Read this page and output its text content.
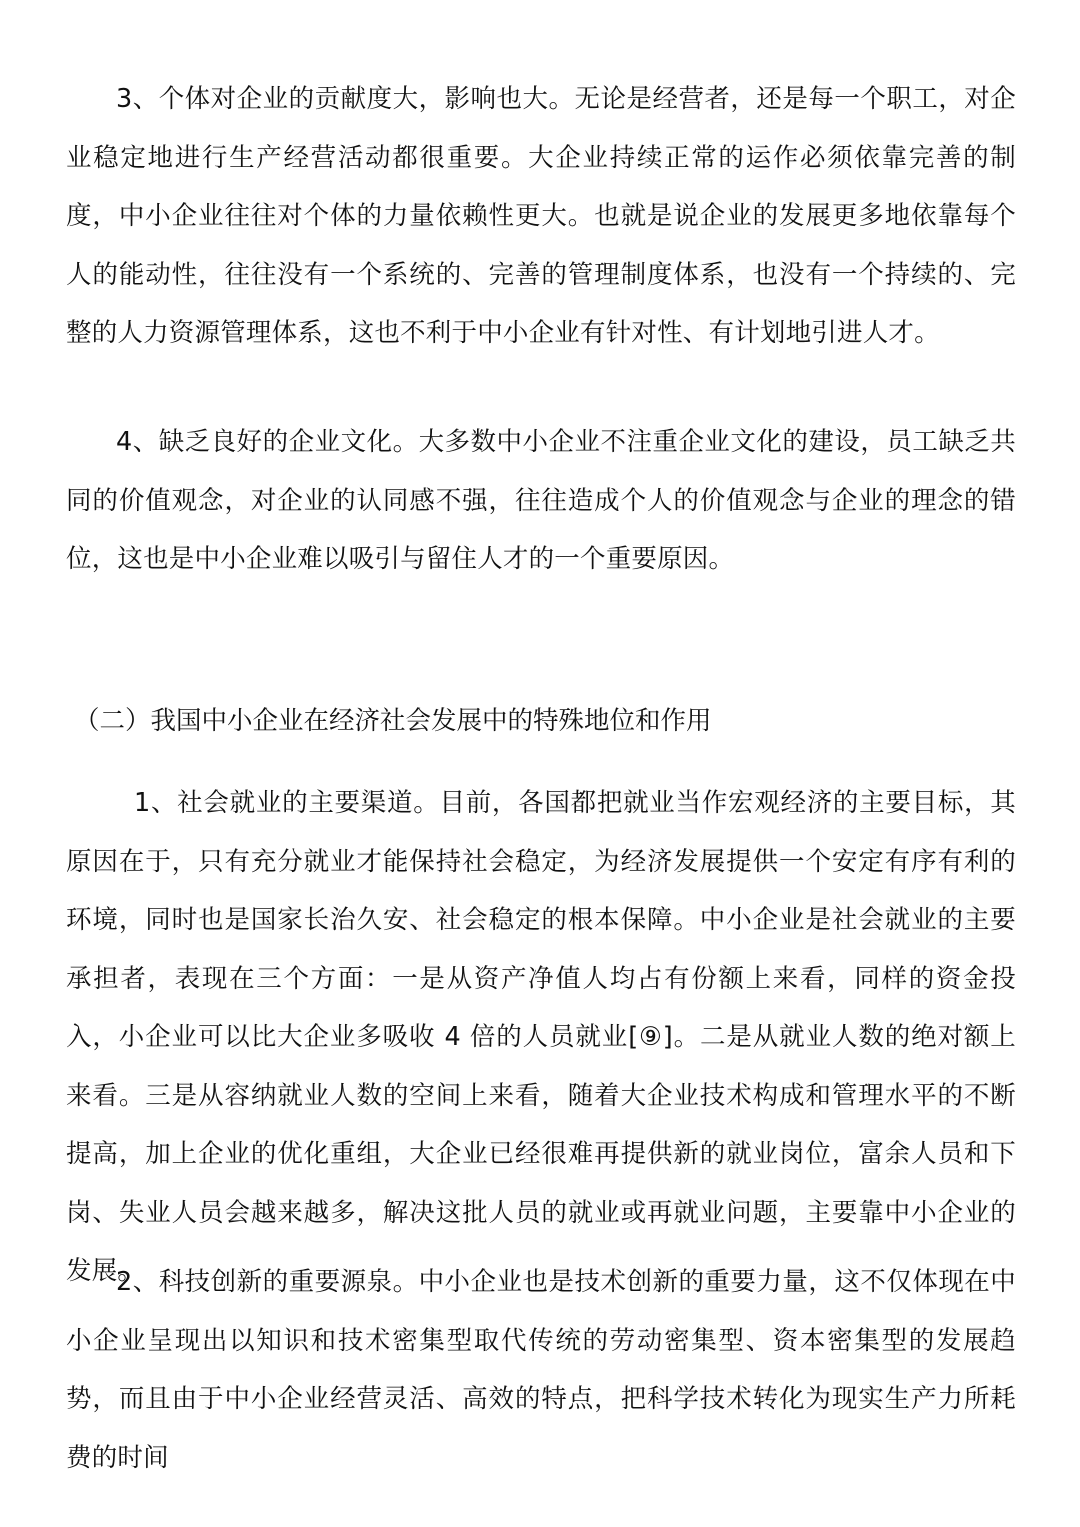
3、个体对企业的贡献度大，影响也大。无论是经营者，还是每一个职工，对企业稳定地进行生产经营活动都很重要。大企业持续正常的运作必须依靠完善的制度，中小企业往往对个体的力量依赖性更大。也就是说企业的发展更多地依靠每个人的能动性，往往没有一个系统的、完善的管理制度体系，也没有一个持续的、完整的人力资源管理体系，这也不利于中小企业有针对性、有计划地引进人才。

4、缺乏良好的企业文化。大多数中小企业不注重企业文化的建设，员工缺乏共同的价值观念，对企业的认同感不强，往往造成个人的价值观念与企业的理念的错位，这也是中小企业难以吸引与留住人才的一个重要原因。

（二）我国中小企业在经济社会发展中的特殊地位和作用

1、社会就业的主要渠道。目前，各国都把就业当作宏观经济的主要目标，其原因在于，只有充分就业才能保持社会稳定，为经济发展提供一个安定有序有利的环境，同时也是国家长治久安、社会稳定的根本保障。中小企业是社会就业的主要承担者，表现在三个方面：一是从资产净值人均占有份额上来看，同样的资金投入，小企业可以比大企业多吸收 4 倍的人员就业[⑨]。二是从就业人数的绝对额上来看。三是从容纳就业人数的空间上来看，随着大企业技术构成和管理水平的不断提高，加上企业的优化重组，大企业已经很难再提供新的就业岗位，富余人员和下岗、失业人员会越来越多，解决这批人员的就业或再就业问题，主要靠中小企业的发展。

2、科技创新的重要源泉。中小企业也是技术创新的重要力量，这不仅体现在中小企业呈现出以知识和技术密集型取代传统的劳动密集型、资本密集型的发展趋势，而且由于中小企业经营灵活、高效的特点，把科学技术转化为现实生产力所耗费的时间
